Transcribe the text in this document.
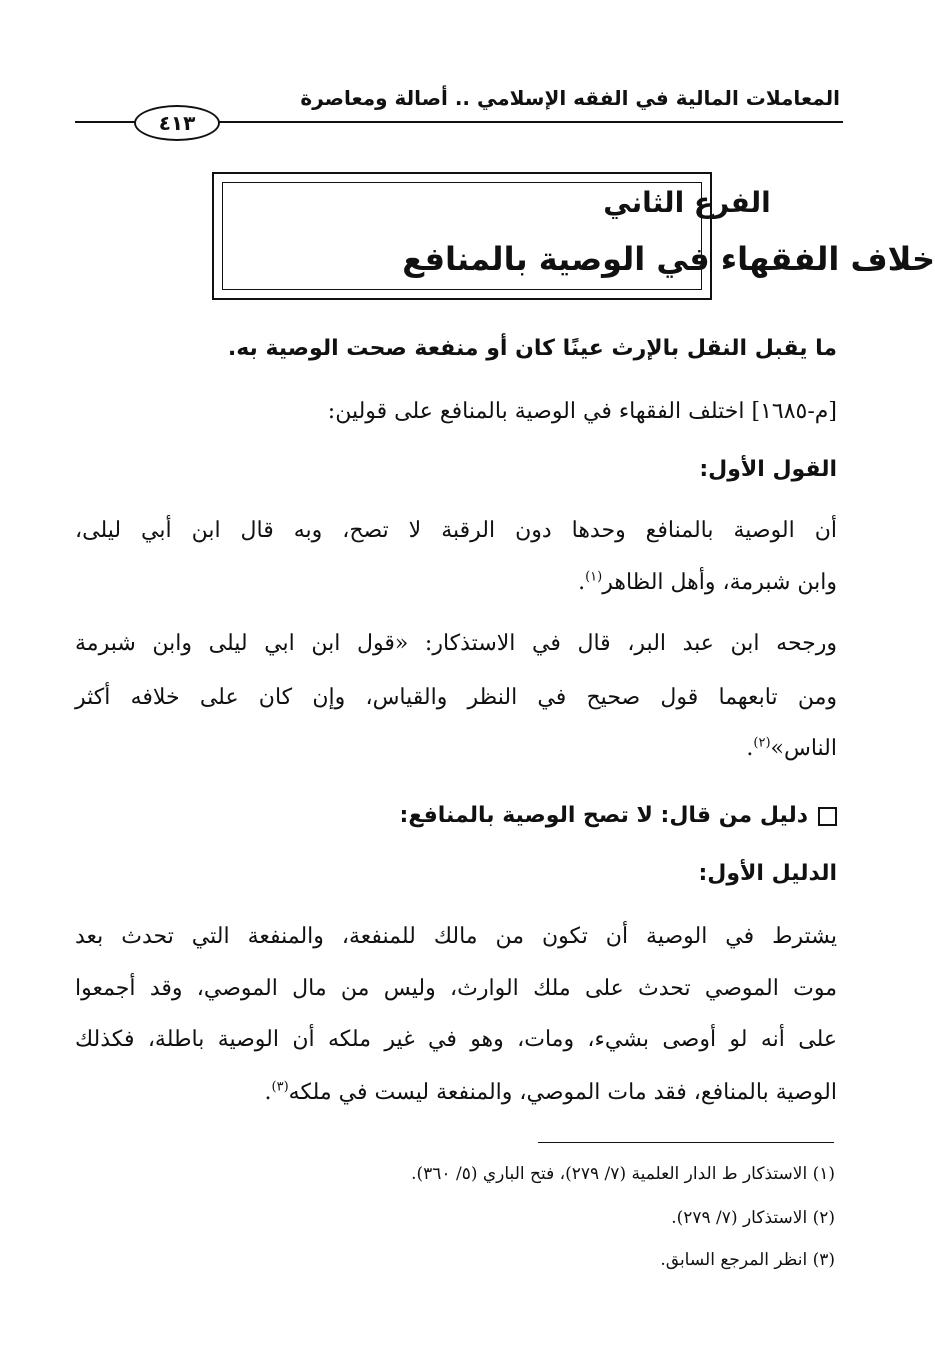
المعاملات المالية في الفقه الإسلامي .. أصالة ومعاصرة
٤١٣
الفرع الثاني
خلاف الفقهاء في الوصية بالمنافع
ما يقبل النقل بالإرث عينًا كان أو منفعة صحت الوصية به.
[م-١٦٨٥] اختلف الفقهاء في الوصية بالمنافع على قولين:
القول الأول:
أن الوصية بالمنافع وحدها دون الرقبة لا تصح، وبه قال ابن أبي ليلى،
وابن شبرمة، وأهل الظاهر$^{(١)}$.
ورجحه ابن عبد البر، قال في الاستذكار: «قول ابن ابي ليلى وابن شبرمة
ومن تابعهما قول صحيح في النظر والقياس، وإن كان على خلافه أكثر
الناس»$^{(٢)}$.
دليل من قال: لا تصح الوصية بالمنافع:
الدليل الأول:
يشترط في الوصية أن تكون من مالك للمنفعة، والمنفعة التي تحدث بعد
موت الموصي تحدث على ملك الوارث، وليس من مال الموصي، وقد أجمعوا
على أنه لو أوصى بشيء، ومات، وهو في غير ملكه أن الوصية باطلة، فكذلك
الوصية بالمنافع، فقد مات الموصي، والمنفعة ليست في ملكه$^{(٣)}$.
(١) الاستذكار ط الدار العلمية (٧/ ٢٧٩)، فتح الباري (٥/ ٣٦٠).
(٢) الاستذكار (٧/ ٢٧٩).
(٣) انظر المرجع السابق.
